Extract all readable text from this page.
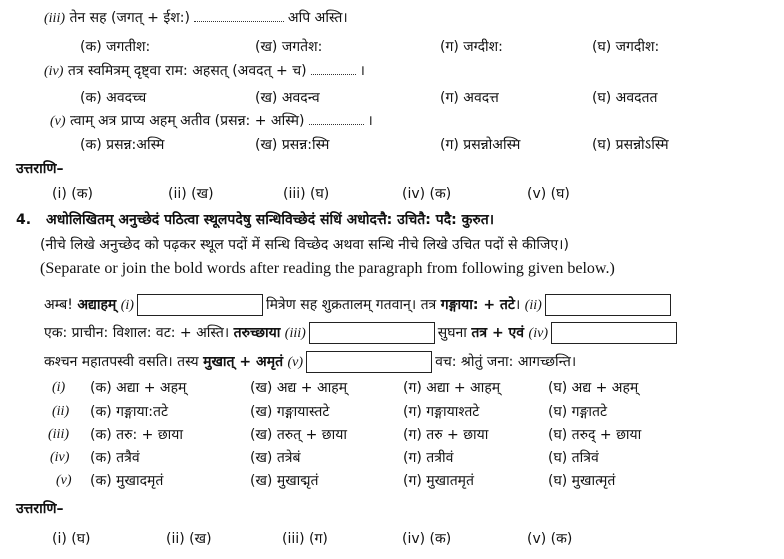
(iii) तेन सह (जगत् + ईश:)	अपि अस्ति।
(क) जगतीश:	(ख) जगतेश:	(ग) जग्दीश:	(घ) जगदीश:
(iv) तत्र स्वमित्रम् दृष्ट्वा राम: अहसत् (अवदत् + च)	।
(क) अवदच्च	(ख) अवदन्व	(ग) अवदत्त	(घ) अवदतत
(v) त्वाम् अत्र प्राप्य अहम् अतीव (प्रसन्न: + अस्मि)	।
(क) प्रसन्न:अस्मि	(ख) प्रसन्न:स्मि	(ग) प्रसन्नोअस्मि	(घ) प्रसन्नोऽस्मि
उत्तराणि–
(i) (क)	(ii) (ख)	(iii) (घ)	(iv) (क)	(v) (घ)
4. अधोलिखितम् अनुच्छेदं पठित्वा स्थूलपदेषु सन्धिविच्छेदं संधिं अधोदत्तै: उचितै: पदै: कुरुत।
(नीचे लिखे अनुच्छेद को पढ़कर स्थूल पदों में सन्धि विच्छेद अथवा सन्धि नीचे लिखे उचित पदों से कीजिए।)
(Separate or join the bold words after reading the paragraph from following given below.)
अम्ब! अद्याहम् (i)	मित्रेण सह शुक्रतालम् गतवान्। तत्र गङ्गाया: + तटे। (ii)
एक: प्राचीन: विशाल: वट: + अस्ति। तरुच्छाया (iii)	सुघना तत्र + एवं (iv)
कश्चन महातपस्वी वसति। तस्य मुखात् + अमृतं (v)	वच: श्रोतुं जना: आगच्छन्ति।
(i) (क) अद्या + अहम्	(ख) अद्य + आहम्	(ग) अद्या + आहम्	(घ) अद्य + अहम्
(ii) (क) गङ्गाया:तटे	(ख) गङ्गायास्तटे	(ग) गङ्गायाश्तटे	(घ) गङ्गातटे
(iii) (क) तरु: + छाया	(ख) तरुत् + छाया	(ग) तरु + छाया	(घ) तरुद् + छाया
(iv) (क) तत्रैवं	(ख) तत्रेबं	(ग) तत्रीवं	(घ) तत्रिवं
(v) (क) मुखादमृतं	(ख) मुखाद्मृतं	(ग) मुखातमृतं	(घ) मुखात्मृतं
उत्तराणि–
(i) (घ)	(ii) (ख)	(iii) (ग)	(iv) (क)	(v) (क)
